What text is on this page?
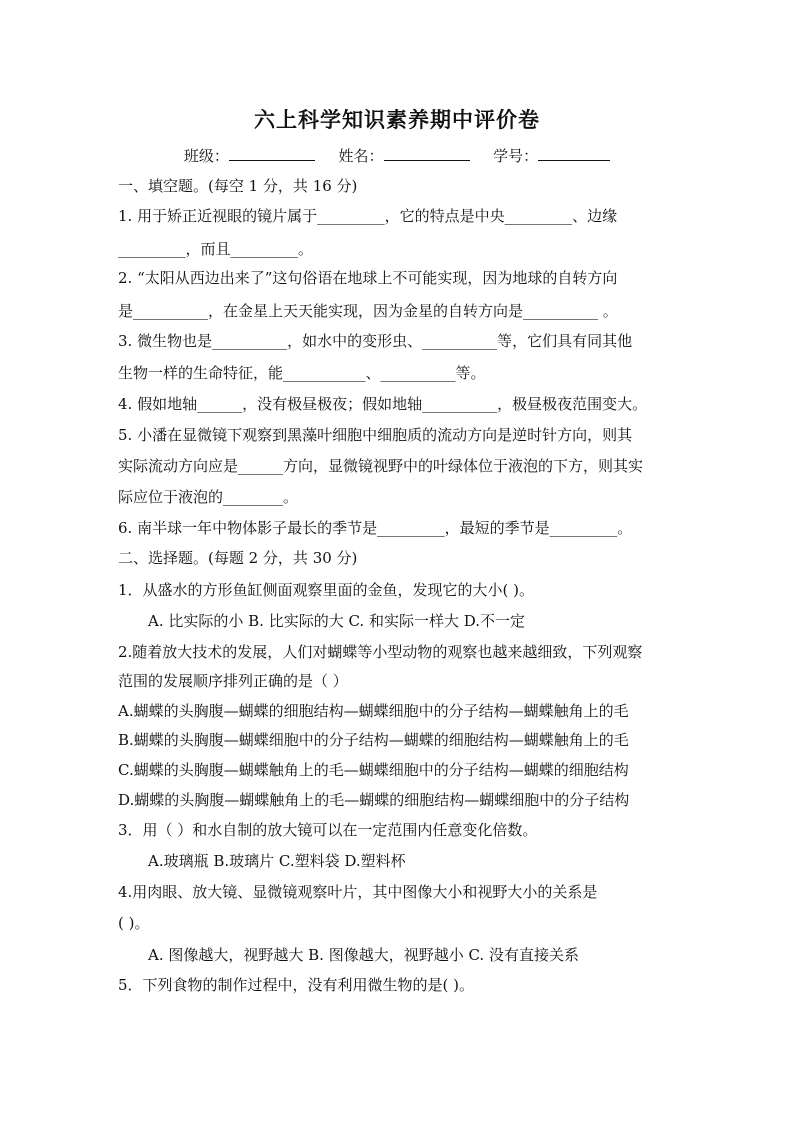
六上科学知识素养期中评价卷
班级：	姓名：	学号：
一、填空题。(每空 1 分，共 16 分)
1. 用于矫正近视眼的镜片属于_________，它的特点是中央_________、边缘
_________，而且_________。
2. “太阳从西边出来了”这句俗语在地球上不可能实现，因为地球的自转方向
是__________，在金星上天天能实现，因为金星的自转方向是__________ 。
3. 微生物也是__________，如水中的变形虫、__________等，它们具有同其他
生物一样的生命特征，能___________、__________等。
4. 假如地轴______，没有极昼极夜；假如地轴__________，极昼极夜范围变大。
5. 小潘在显微镜下观察到黑藻叶细胞中细胞质的流动方向是逆时针方向，则其
实际流动方向应是______方向，显微镜视野中的叶绿体位于液泡的下方，则其实
际应位于液泡的________。
6. 南半球一年中物体影子最长的季节是_________，最短的季节是_________。
二、选择题。(每题 2 分，共 30 分)
1．从盛水的方形鱼缸侧面观察里面的金鱼，发现它的大小( )。
A. 比实际的小 B. 比实际的大 C. 和实际一样大 D.不一定
2.随着放大技术的发展，人们对蝴蝶等小型动物的观察也越来越细致，下列观察
范围的发展顺序排列正确的是（ ）
A.蝴蝶的头胸腹—蝴蝶的细胞结构—蝴蝶细胞中的分子结构—蝴蝶触角上的毛
B.蝴蝶的头胸腹—蝴蝶细胞中的分子结构—蝴蝶的细胞结构—蝴蝶触角上的毛
C.蝴蝶的头胸腹—蝴蝶触角上的毛—蝴蝶细胞中的分子结构—蝴蝶的细胞结构
D.蝴蝶的头胸腹—蝴蝶触角上的毛—蝴蝶的细胞结构—蝴蝶细胞中的分子结构
3．用（ ）和水自制的放大镜可以在一定范围内任意变化倍数。
A.玻璃瓶 B.玻璃片 C.塑料袋 D.塑料杯
4.用肉眼、放大镜、显微镜观察叶片，其中图像大小和视野大小的关系是
( )。
A. 图像越大，视野越大 B. 图像越大，视野越小 C. 没有直接关系
5．下列食物的制作过程中，没有利用微生物的是( )。
